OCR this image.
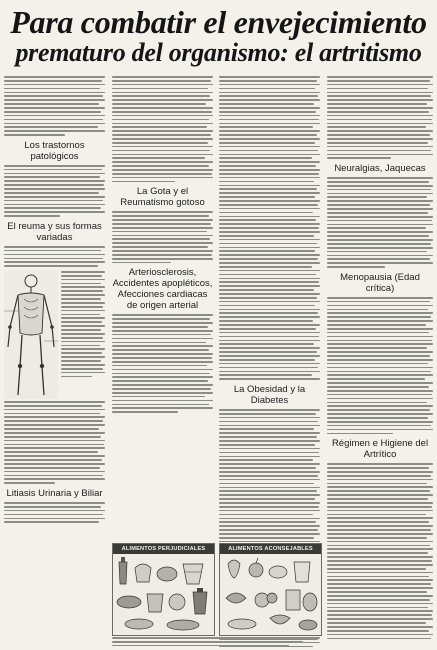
Para combatir el envejecimiento
prematuro del organismo: el artritismo
Los trastornos patológicos
El reuma y sus formas variadas
Litiasis Urinaria y Biliar
La Gota y el Reumatismo gotoso
Arteriosclerosis, Accidentes apopléticos, Afecciones cardiacas de origen arterial
Neuralgias, Jaquecas
Menopausia (Edad crítica)
Régimen e Higiene del Artrítico
La Obesidad y la Diabetes
ALIMENTOS PERJUDICIALES	ALIMENTOS ACONSEJABLES
